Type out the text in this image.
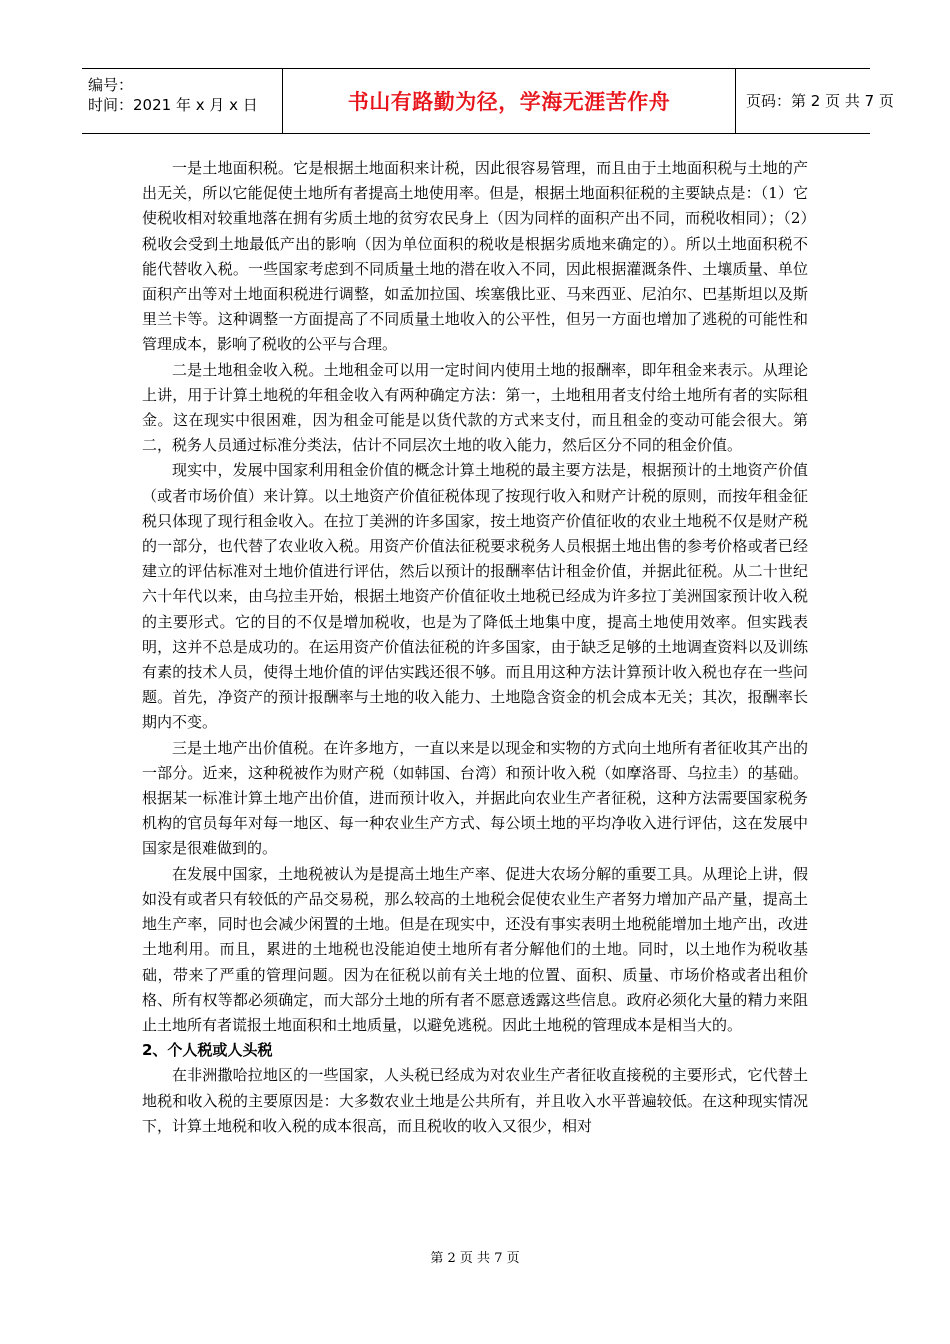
编号：
时间：2021 年 x 月 x 日	书山有路勤为径，学海无涯苦作舟	页码：第 2 页 共 7 页

一是土地面积税。它是根据土地面积来计税，因此很容易管理，而且由于土地面积税与土地的产出无关，所以它能促使土地所有者提高土地使用率。但是，根据土地面积征税的主要缺点是：（1）它使税收相对较重地落在拥有劣质土地的贫穷农民身上（因为同样的面积产出不同，而税收相同）；（2）税收会受到土地最低产出的影响（因为单位面积的税收是根据劣质地来确定的）。所以土地面积税不能代替收入税。一些国家考虑到不同质量土地的潜在收入不同，因此根据灌溉条件、土壤质量、单位面积产出等对土地面积税进行调整，如孟加拉国、埃塞俄比亚、马来西亚、尼泊尔、巴基斯坦以及斯里兰卡等。这种调整一方面提高了不同质量土地收入的公平性，但另一方面也增加了逃税的可能性和管理成本，影响了税收的公平与合理。

二是土地租金收入税。土地租金可以用一定时间内使用土地的报酬率，即年租金来表示。从理论上讲，用于计算土地税的年租金收入有两种确定方法：第一，土地租用者支付给土地所有者的实际租金。这在现实中很困难，因为租金可能是以货代款的方式来支付，而且租金的变动可能会很大。第二，税务人员通过标准分类法，估计不同层次土地的收入能力，然后区分不同的租金价值。

现实中，发展中国家利用租金价值的概念计算土地税的最主要方法是，根据预计的土地资产价值（或者市场价值）来计算。以土地资产价值征税体现了按现行收入和财产计税的原则，而按年租金征税只体现了现行租金收入。在拉丁美洲的许多国家，按土地资产价值征收的农业土地税不仅是财产税的一部分，也代替了农业收入税。用资产价值法征税要求税务人员根据土地出售的参考价格或者已经建立的评估标准对土地价值进行评估，然后以预计的报酬率估计租金价值，并据此征税。从二十世纪六十年代以来，由乌拉圭开始，根据土地资产价值征收土地税已经成为许多拉丁美洲国家预计收入税的主要形式。它的目的不仅是增加税收，也是为了降低土地集中度，提高土地使用效率。但实践表明，这并不总是成功的。在运用资产价值法征税的许多国家，由于缺乏足够的土地调查资料以及训练有素的技术人员，使得土地价值的评估实践还很不够。而且用这种方法计算预计收入税也存在一些问题。首先，净资产的预计报酬率与土地的收入能力、土地隐含资金的机会成本无关；其次，报酬率长期内不变。

三是土地产出价值税。在许多地方，一直以来是以现金和实物的方式向土地所有者征收其产出的一部分。近来，这种税被作为财产税（如韩国、台湾）和预计收入税（如摩洛哥、乌拉圭）的基础。根据某一标准计算土地产出价值，进而预计收入，并据此向农业生产者征税，这种方法需要国家税务机构的官员每年对每一地区、每一种农业生产方式、每公顷土地的平均净收入进行评估，这在发展中国家是很难做到的。

在发展中国家，土地税被认为是提高土地生产率、促进大农场分解的重要工具。从理论上讲，假如没有或者只有较低的产品交易税，那么较高的土地税会促使农业生产者努力增加产品产量，提高土地生产率，同时也会减少闲置的土地。但是在现实中，还没有事实表明土地税能增加土地产出，改进土地利用。而且，累进的土地税也没能迫使土地所有者分解他们的土地。同时，以土地作为税收基础，带来了严重的管理问题。因为在征税以前有关土地的位置、面积、质量、市场价格或者出租价格、所有权等都必须确定，而大部分土地的所有者不愿意透露这些信息。政府必须化大量的精力来阻止土地所有者谎报土地面积和土地质量，以避免逃税。因此土地税的管理成本是相当大的。

2、个人税或人头税

在非洲撒哈拉地区的一些国家，人头税已经成为对农业生产者征收直接税的主要形式，它代替土地税和收入税的主要原因是：大多数农业土地是公共所有，并且收入水平普遍较低。在这种现实情况下，计算土地税和收入税的成本很高，而且税收的收入又很少，相对

第 2 页 共 7 页
